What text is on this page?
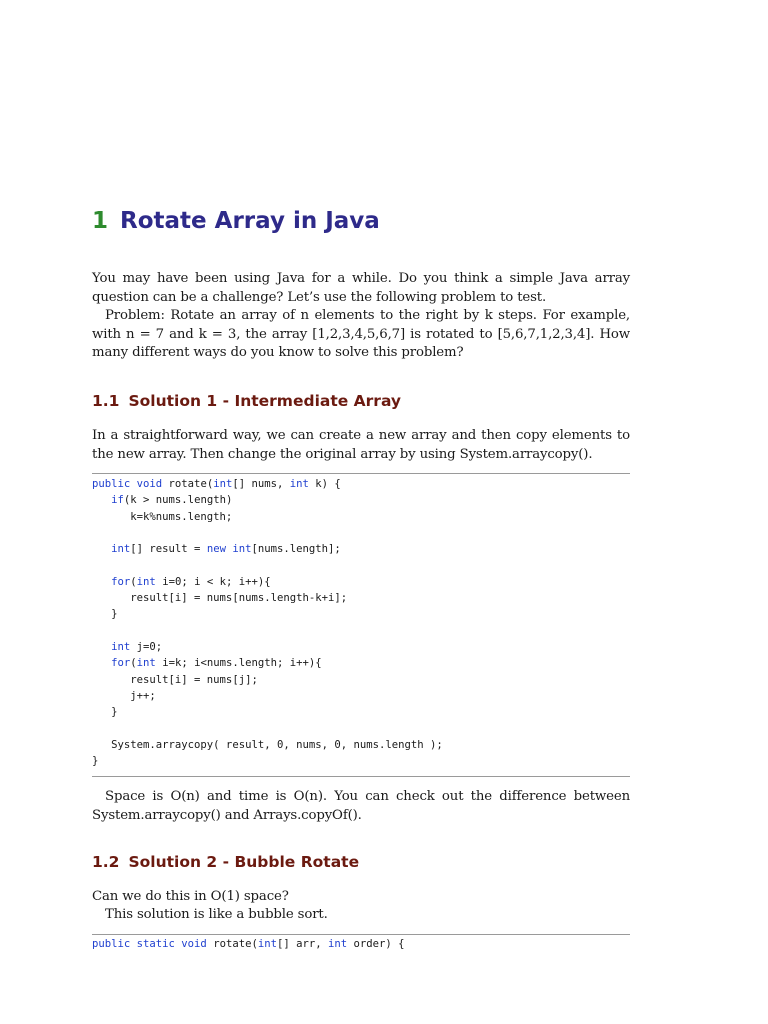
1 Rotate Array in Java
You may have been using Java for a while. Do you think a simple Java array question can be a challenge? Let’s use the following problem to test.
Problem: Rotate an array of n elements to the right by k steps. For example, with n = 7 and k = 3, the array [1,2,3,4,5,6,7] is rotated to [5,6,7,1,2,3,4]. How many different ways do you know to solve this problem?
1.1 Solution 1 - Intermediate Array
In a straightforward way, we can create a new array and then copy elements to the new array. Then change the original array by using System.arraycopy().
public void rotate(int[] nums, int k) {
if(k > nums.length)
k=k%nums.length;
int[] result = new int[nums.length];
for(int i=0; i < k; i++){
result[i] = nums[nums.length-k+i];
}
int j=0;
for(int i=k; i<nums.length; i++){
result[i] = nums[j];
j++;
}
System.arraycopy( result, 0, nums, 0, nums.length );
}
Space is O(n) and time is O(n). You can check out the difference between System.arraycopy() and Arrays.copyOf().
1.2 Solution 2 - Bubble Rotate
Can we do this in O(1) space?
This solution is like a bubble sort.
public static void rotate(int[] arr, int order) {
